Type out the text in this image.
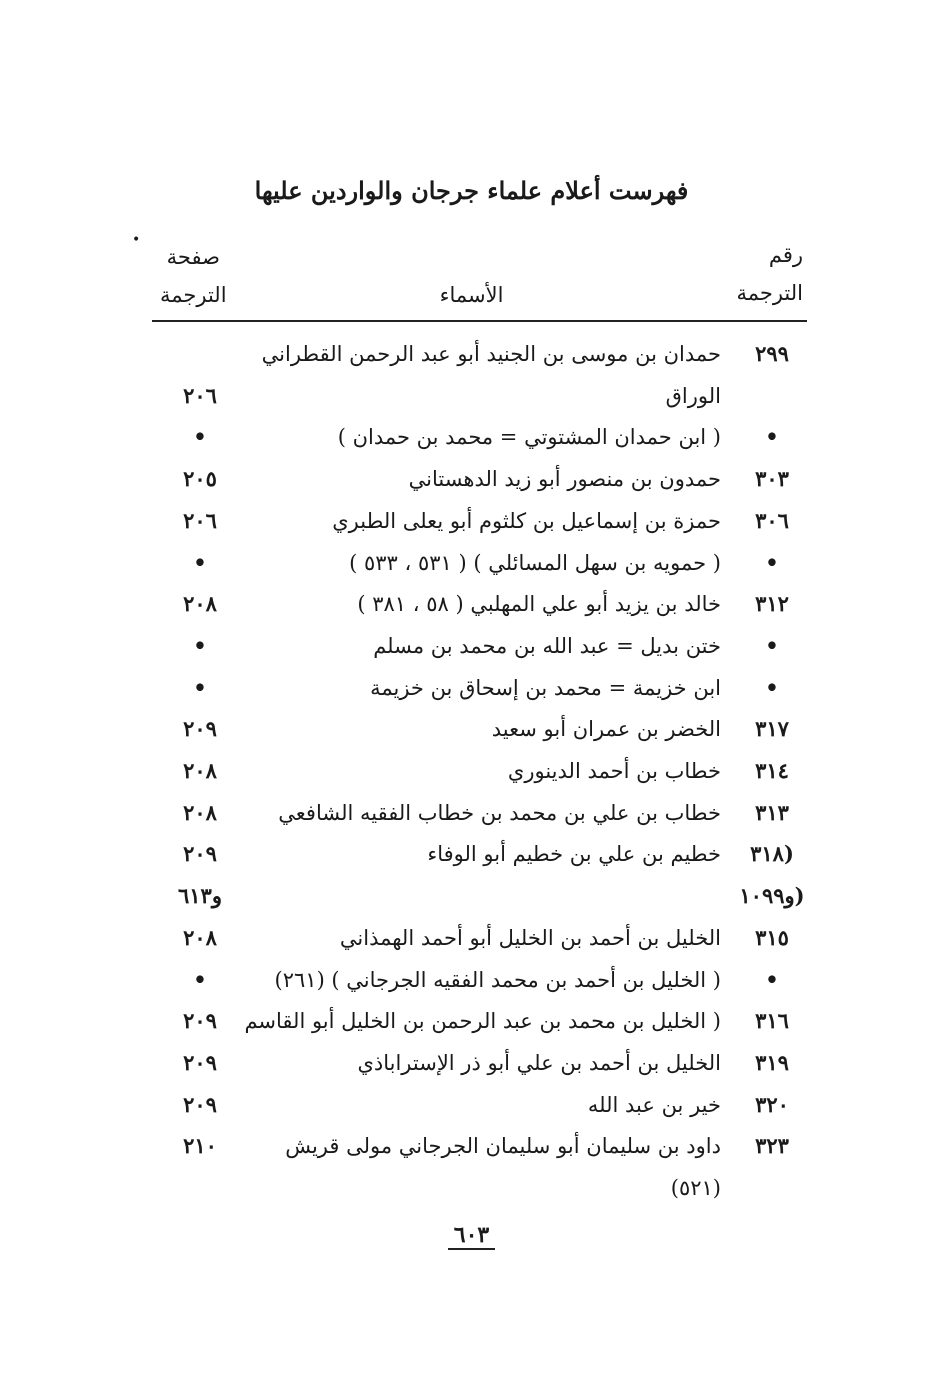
•
فهرست أعلام علماء جرجان والواردين عليها
رقم
الترجمة
الأسماء
صفحة
الترجمة
٢٩٩
حمدان بن موسى بن الجنيد أبو عبد الرحمن القطراني
الوراق
٢٠٦
•
( ابن حمدان المشتوتي = محمد بن حمدان )
•
٣٠٣
حمدون بن منصور أبو زيد الدهستاني
٢٠٥
٣٠٦
حمزة بن إسماعيل بن كلثوم أبو يعلى الطبري
٢٠٦
•
( حمويه بن سهل المسائلي ) ( ٥٣١ ، ٥٣٣ )
•
٣١٢
خالد بن يزيد أبو علي المهلبي ( ٥٨ ، ٣٨١ )
٢٠٨
•
ختن بديل = عبد الله بن محمد بن مسلم
•
•
ابن خزيمة = محمد بن إسحاق بن خزيمة
•
٣١٧
الخضر بن عمران أبو سعيد
٢٠٩
٣١٤
خطاب بن أحمد الدينوري
٢٠٨
٣١٣
خطاب بن علي بن محمد بن خطاب الفقيه الشافعي
٢٠٨
(٣١٨
خطيم بن علي بن خطيم أبو الوفاء
٢٠٩
(و١٠٩٩
و٦١٣
٣١٥
الخليل بن أحمد بن الخليل أبو أحمد الهمذاني
٢٠٨
•
( الخليل بن أحمد بن محمد الفقيه الجرجاني ) (٢٦١)
•
٣١٦
( الخليل بن محمد بن عبد الرحمن بن الخليل أبو القاسم
٢٠٩
٣١٩
الخليل بن أحمد بن علي أبو ذر الإستراباذي
٢٠٩
٣٢٠
خير بن عبد الله
٢٠٩
٣٢٣
داود بن سليمان أبو سليمان الجرجاني مولى قريش
٢١٠
(٥٢١)
٦٠٣
